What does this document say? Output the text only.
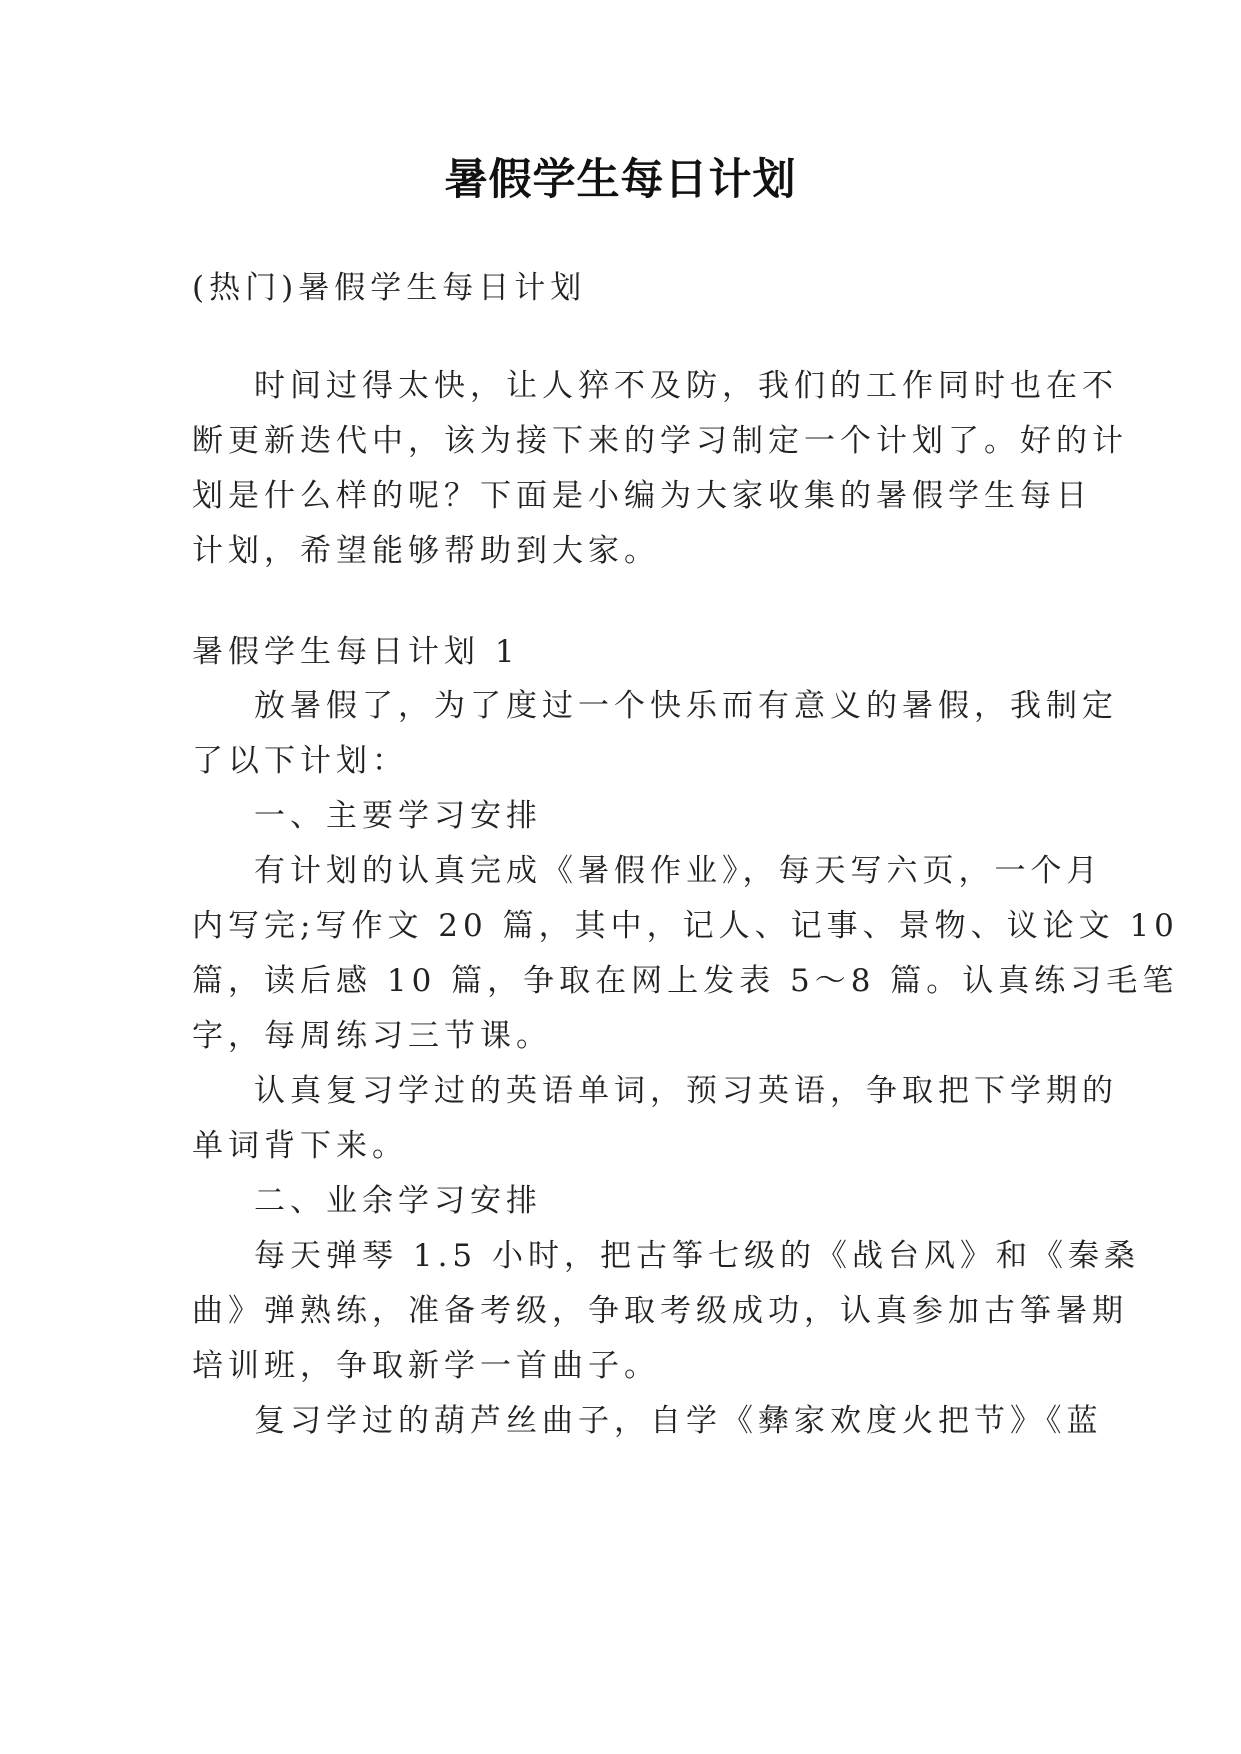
暑假学生每日计划
(热门)暑假学生每日计划
时间过得太快，让人猝不及防，我们的工作同时也在不
断更新迭代中，该为接下来的学习制定一个计划了。好的计
划是什么样的呢？下面是小编为大家收集的暑假学生每日
计划，希望能够帮助到大家。
暑假学生每日计划 1
放暑假了，为了度过一个快乐而有意义的暑假，我制定
了以下计划：
一、主要学习安排
有计划的认真完成《暑假作业》，每天写六页，一个月
内写完;写作文 20 篇，其中，记人、记事、景物、议论文 10
篇，读后感 10 篇，争取在网上发表 5～8 篇。认真练习毛笔
字，每周练习三节课。
认真复习学过的英语单词，预习英语，争取把下学期的
单词背下来。
二、业余学习安排
每天弹琴 1.5 小时，把古筝七级的《战台风》和《秦桑
曲》弹熟练，准备考级，争取考级成功，认真参加古筝暑期
培训班，争取新学一首曲子。
复习学过的葫芦丝曲子，自学《彝家欢度火把节》《蓝
